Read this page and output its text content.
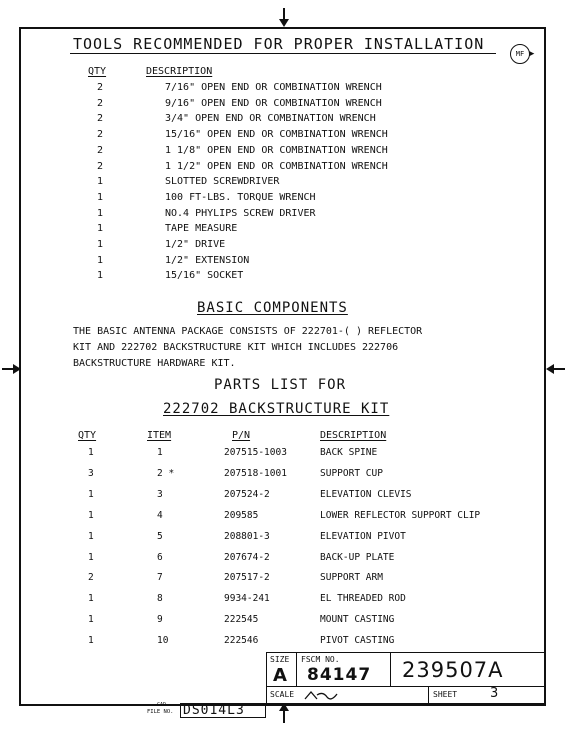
TOOLS RECOMMENDED FOR PROPER INSTALLATION
MF ▶
QTY	DESCRIPTION
2	7/16" OPEN END OR COMBINATION WRENCH
2	9/16" OPEN END OR COMBINATION WRENCH
2	3/4" OPEN END OR COMBINATION WRENCH
2	15/16" OPEN END OR COMBINATION WRENCH
2	1 1/8" OPEN END OR COMBINATION WRENCH
2	1 1/2" OPEN END OR COMBINATION WRENCH
1	SLOTTED SCREWDRIVER
1	100 FT-LBS. TORQUE WRENCH
1	NO.4 PHYLIPS SCREW DRIVER
1	TAPE MEASURE
1	1/2" DRIVE
1	1/2" EXTENSION
1	15/16" SOCKET
BASIC COMPONENTS
THE BASIC ANTENNA PACKAGE CONSISTS OF 222701-( ) REFLECTOR
KIT AND 222702 BACKSTRUCTURE KIT WHICH INCLUDES 222706
BACKSTRUCTURE HARDWARE KIT.
PARTS LIST FOR
222702 BACKSTRUCTURE KIT
QTY	ITEM	P/N	DESCRIPTION
1	1	207515-1003	BACK SPINE
3	2 *	207518-1001	SUPPORT CUP
1	3	207524-2	ELEVATION CLEVIS
1	4	209585	LOWER REFLECTOR SUPPORT CLIP
1	5	208801-3	ELEVATION PIVOT
1	6	207674-2	BACK-UP PLATE
2	7	207517-2	SUPPORT ARM
1	8	9934-241	EL THREADED ROD
1	9	222545	MOUNT CASTING
1	10	222546	PIVOT CASTING
SIZE
A
FSCM NO.
84147 239507A
SCALE	SHEET	3
CAD
FILE NO. DS014L3
